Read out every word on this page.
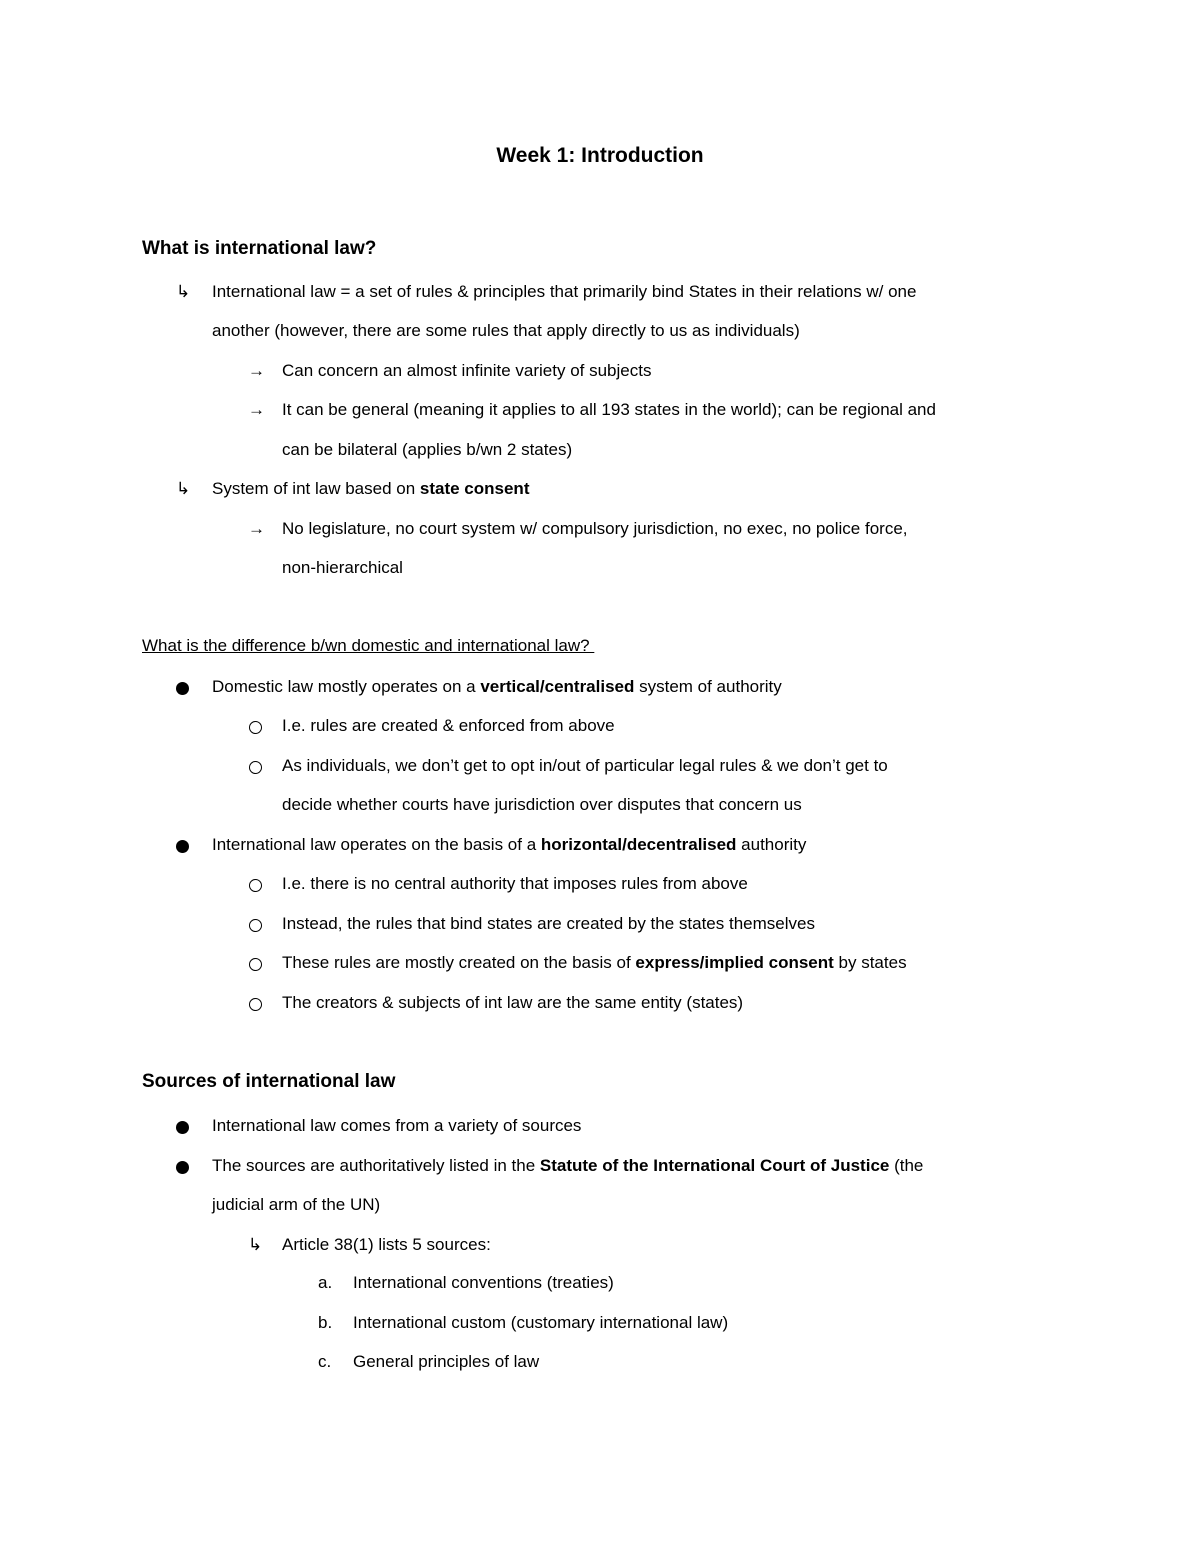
Week 1: Introduction
What is international law?
↳ International law = a set of rules & principles that primarily bind States in their relations w/ one
another (however, there are some rules that apply directly to us as individuals)
→ Can concern an almost infinite variety of subjects
→ It can be general (meaning it applies to all 193 states in the world); can be regional and
can be bilateral (applies b/wn 2 states)
↳ System of int law based on state consent
→ No legislature, no court system w/ compulsory jurisdiction, no exec, no police force,
non-hierarchical
What is the difference b/wn domestic and international law?
Domestic law mostly operates on a vertical/centralised system of authority
I.e. rules are created & enforced from above
As individuals, we don’t get to opt in/out of particular legal rules & we don’t get to
decide whether courts have jurisdiction over disputes that concern us
International law operates on the basis of a horizontal/decentralised authority
I.e. there is no central authority that imposes rules from above
Instead, the rules that bind states are created by the states themselves
These rules are mostly created on the basis of express/implied consent by states
The creators & subjects of int law are the same entity (states)
Sources of international law
International law comes from a variety of sources
The sources are authoritatively listed in the Statute of the International Court of Justice (the
judicial arm of the UN)
↳ Article 38(1) lists 5 sources:
a. International conventions (treaties)
b. International custom (customary international law)
c. General principles of law
